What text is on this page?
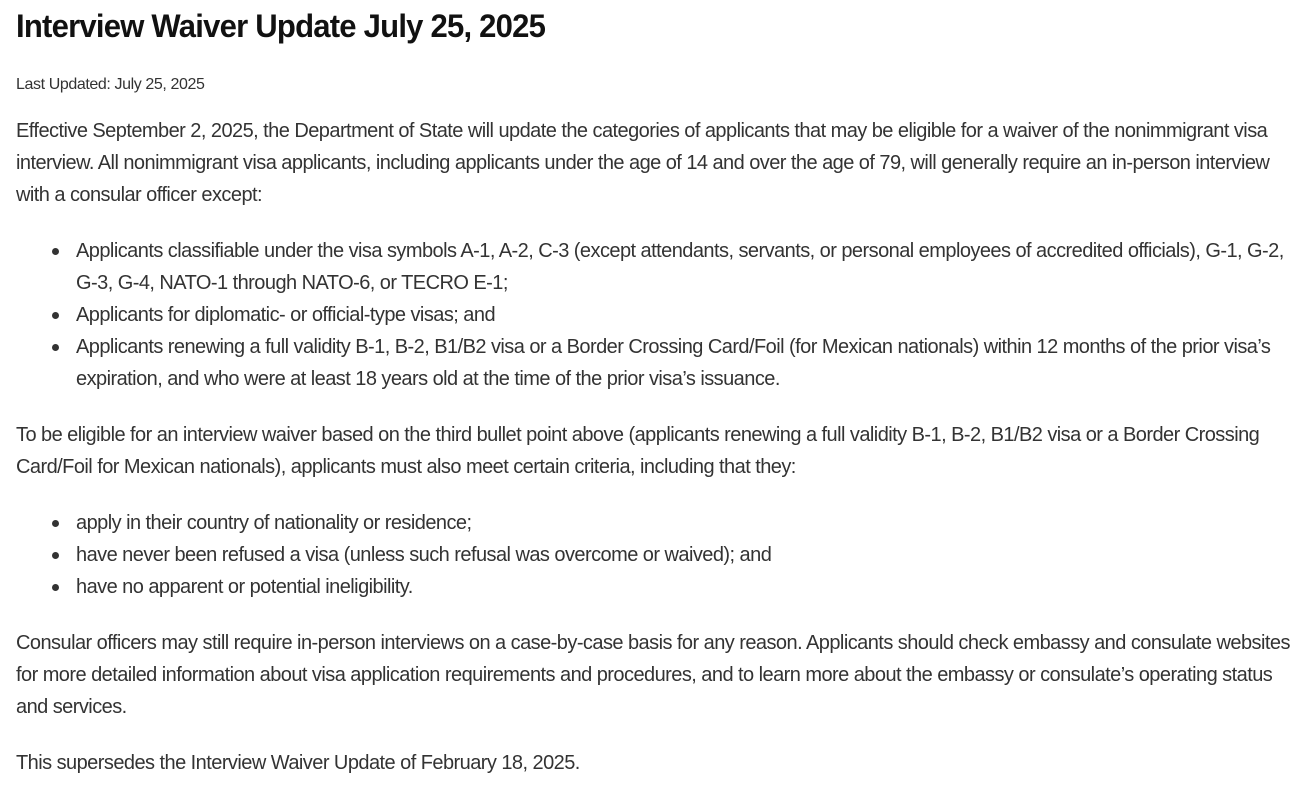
Interview Waiver Update July 25, 2025
Last Updated: July 25, 2025

Effective September 2, 2025, the Department of State will update the categories of applicants that may be eligible for a waiver of the nonimmigrant visa interview. All nonimmigrant visa applicants, including applicants under the age of 14 and over the age of 79, will generally require an in-person interview with a consular officer except:

Applicants classifiable under the visa symbols A-1, A-2, C-3 (except attendants, servants, or personal employees of accredited officials), G-1, G-2, G-3, G-4, NATO-1 through NATO-6, or TECRO E-1;
Applicants for diplomatic- or official-type visas; and
Applicants renewing a full validity B-1, B-2, B1/B2 visa or a Border Crossing Card/Foil (for Mexican nationals) within 12 months of the prior visa’s expiration, and who were at least 18 years old at the time of the prior visa’s issuance.

To be eligible for an interview waiver based on the third bullet point above (applicants renewing a full validity B-1, B-2, B1/B2 visa or a Border Crossing Card/Foil for Mexican nationals), applicants must also meet certain criteria, including that they:

apply in their country of nationality or residence;
have never been refused a visa (unless such refusal was overcome or waived); and
have no apparent or potential ineligibility.

Consular officers may still require in-person interviews on a case-by-case basis for any reason. Applicants should check embassy and consulate websites for more detailed information about visa application requirements and procedures, and to learn more about the embassy or consulate’s operating status and services.

This supersedes the Interview Waiver Update of February 18, 2025.
